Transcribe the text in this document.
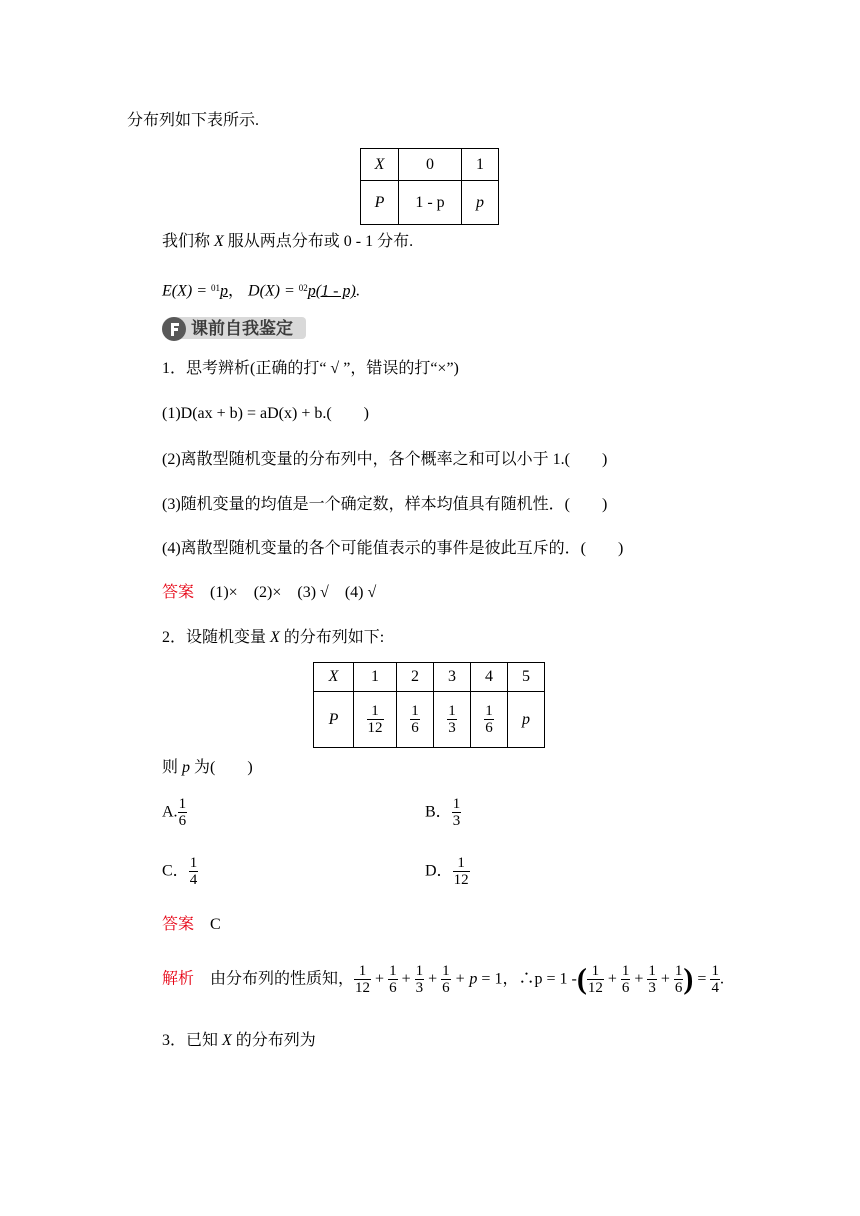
分布列如下表所示.
X	0	1
P	1 - p	p
我们称 X 服从两点分布或 0 - 1 分布.
E(X) = $^{01}$p， D(X) = $^{02}$p(1 - p).
课前自我鉴定
1．思考辨析(正确的打“ √ ”，错误的打“×”)
(1)D(ax + b) = aD(x) + b.(　　)
(2)离散型随机变量的分布列中，各个概率之和可以小于 1.(　　)
(3)随机变量的均值是一个确定数，样本均值具有随机性．(　　)
(4)离散型随机变量的各个可能值表示的事件是彼此互斥的．(　　)
答案 (1)×　(2)×　(3) √　(4) √
2．设随机变量 X 的分布列如下:
X	1	2	3	4	5
P	$\frac{1}{12}$	$\frac{1}{6}$	$\frac{1}{3}$	$\frac{1}{6}$	p
则 p 为(　　)
A. $\frac{1}{6}$	B． $\frac{1}{3}$
C． $\frac{1}{4}$	D． $\frac{1}{12}$
答案 C
解析 由分布列的性质知， $\frac{1}{12} + \frac{1}{6} + \frac{1}{3} + \frac{1}{6} + p = 1$，∴p = 1 -( $\frac{1}{12} + \frac{1}{6} + \frac{1}{3} + \frac{1}{6}$ ) = $\frac{1}{4}$ .
3．已知 X 的分布列为
